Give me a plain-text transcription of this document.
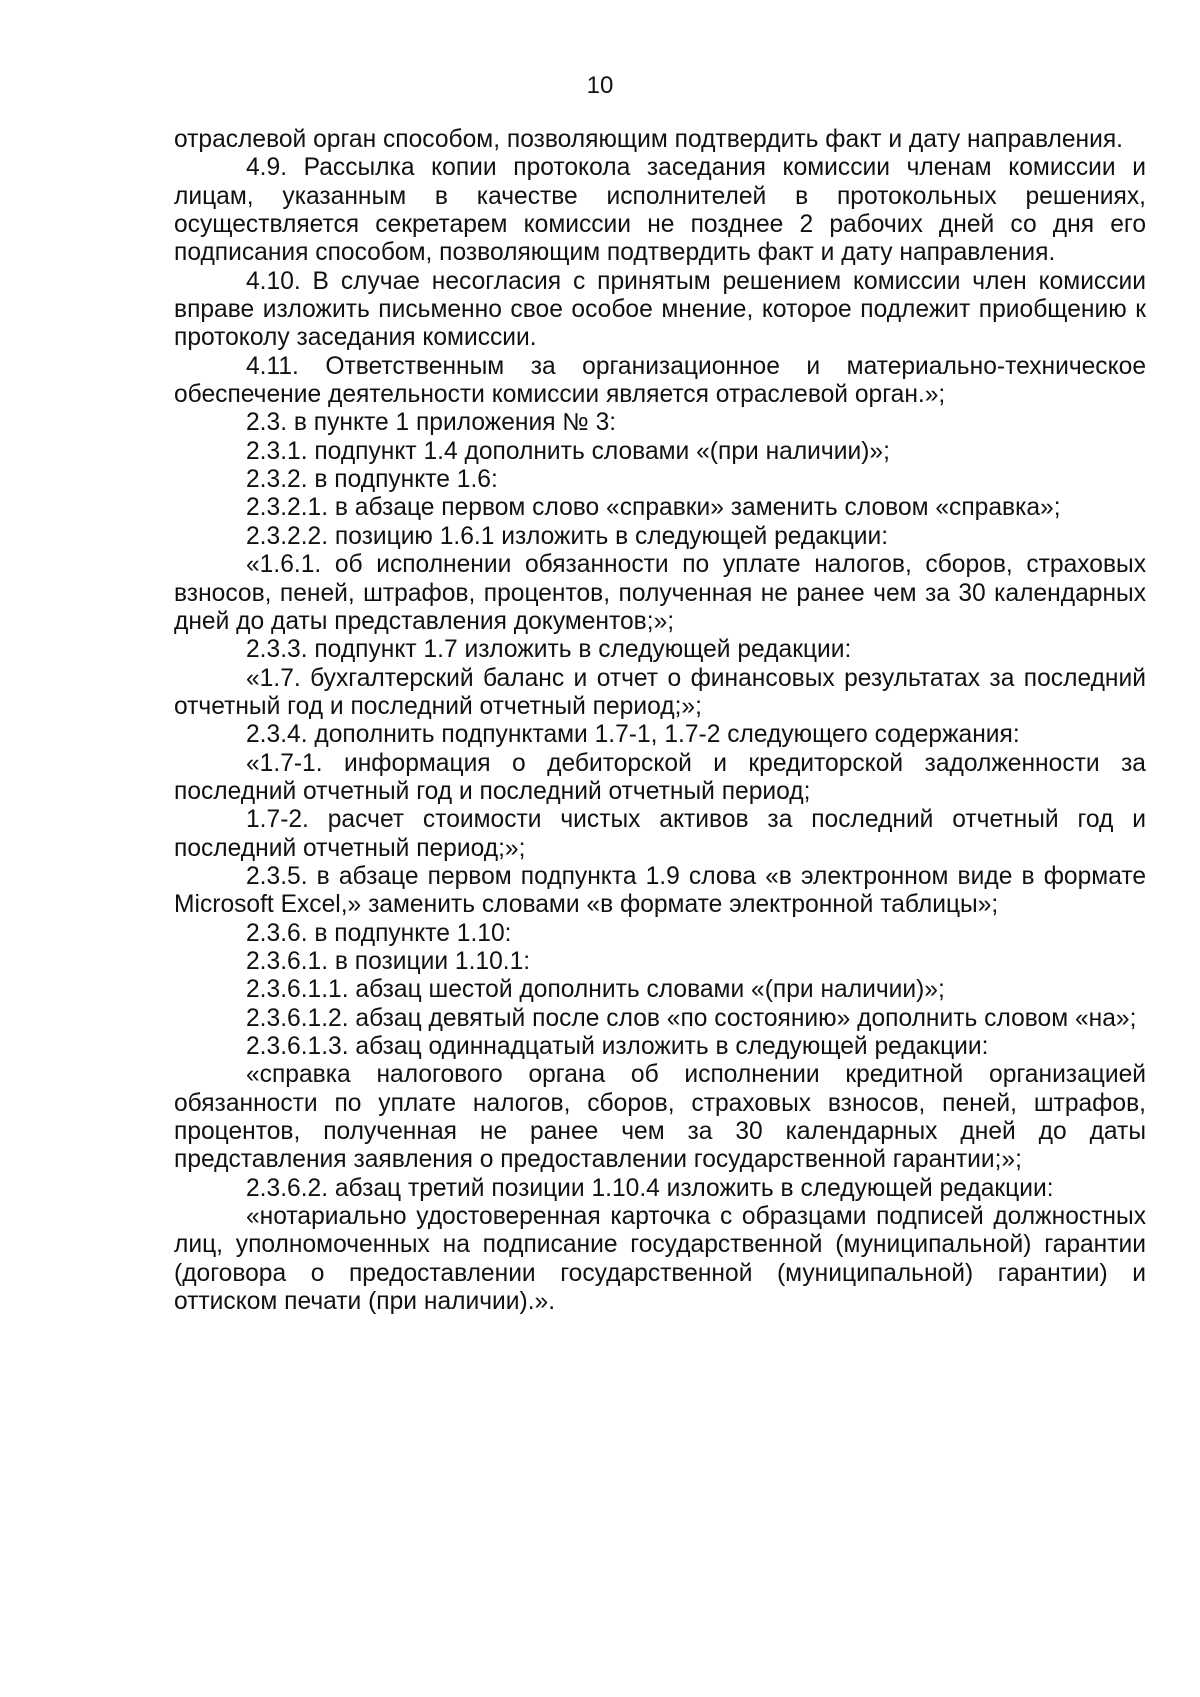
10

отраслевой орган способом, позволяющим подтвердить факт и дату направления.

4.9. Рассылка копии протокола заседания комиссии членам комиссии и лицам, указанным в качестве исполнителей в протокольных решениях, осуществляется секретарем комиссии не позднее 2 рабочих дней со дня его подписания способом, позволяющим подтвердить факт и дату направления.

4.10. В случае несогласия с принятым решением комиссии член комиссии вправе изложить письменно свое особое мнение, которое подлежит приобщению к протоколу заседания комиссии.

4.11. Ответственным за организационное и материально-техническое обеспечение деятельности комиссии является отраслевой орган.»;

2.3. в пункте 1 приложения № 3:

2.3.1. подпункт 1.4 дополнить словами «(при наличии)»;

2.3.2. в подпункте 1.6:

2.3.2.1. в абзаце первом слово «справки» заменить словом «справка»;

2.3.2.2. позицию 1.6.1 изложить в следующей редакции:

«1.6.1. об исполнении обязанности по уплате налогов, сборов, страховых взносов, пеней, штрафов, процентов, полученная не ранее чем за 30 календарных дней до даты представления документов;»;

2.3.3. подпункт 1.7 изложить в следующей редакции:

«1.7. бухгалтерский баланс и отчет о финансовых результатах за последний отчетный год и последний отчетный период;»;

2.3.4. дополнить подпунктами 1.7-1, 1.7-2 следующего содержания:

«1.7-1. информация о дебиторской и кредиторской задолженности за последний отчетный год и последний отчетный период;

1.7-2. расчет стоимости чистых активов за последний отчетный год и последний отчетный период;»;

2.3.5. в абзаце первом подпункта 1.9 слова «в электронном виде в формате Microsoft Excel,» заменить словами «в формате электронной таблицы»;

2.3.6. в подпункте 1.10:

2.3.6.1. в позиции 1.10.1:

2.3.6.1.1. абзац шестой дополнить словами «(при наличии)»;

2.3.6.1.2. абзац девятый после слов «по состоянию» дополнить словом «на»;

2.3.6.1.3. абзац одиннадцатый изложить в следующей редакции:

«справка налогового органа об исполнении кредитной организацией обязанности по уплате налогов, сборов, страховых взносов, пеней, штрафов, процентов, полученная не ранее чем за 30 календарных дней до даты представления заявления о предоставлении государственной гарантии;»;

2.3.6.2. абзац третий позиции 1.10.4 изложить в следующей редакции:

«нотариально удостоверенная карточка с образцами подписей должностных лиц, уполномоченных на подписание государственной (муниципальной) гарантии (договора о предоставлении государственной (муниципальной) гарантии) и оттиском печати (при наличии).».
